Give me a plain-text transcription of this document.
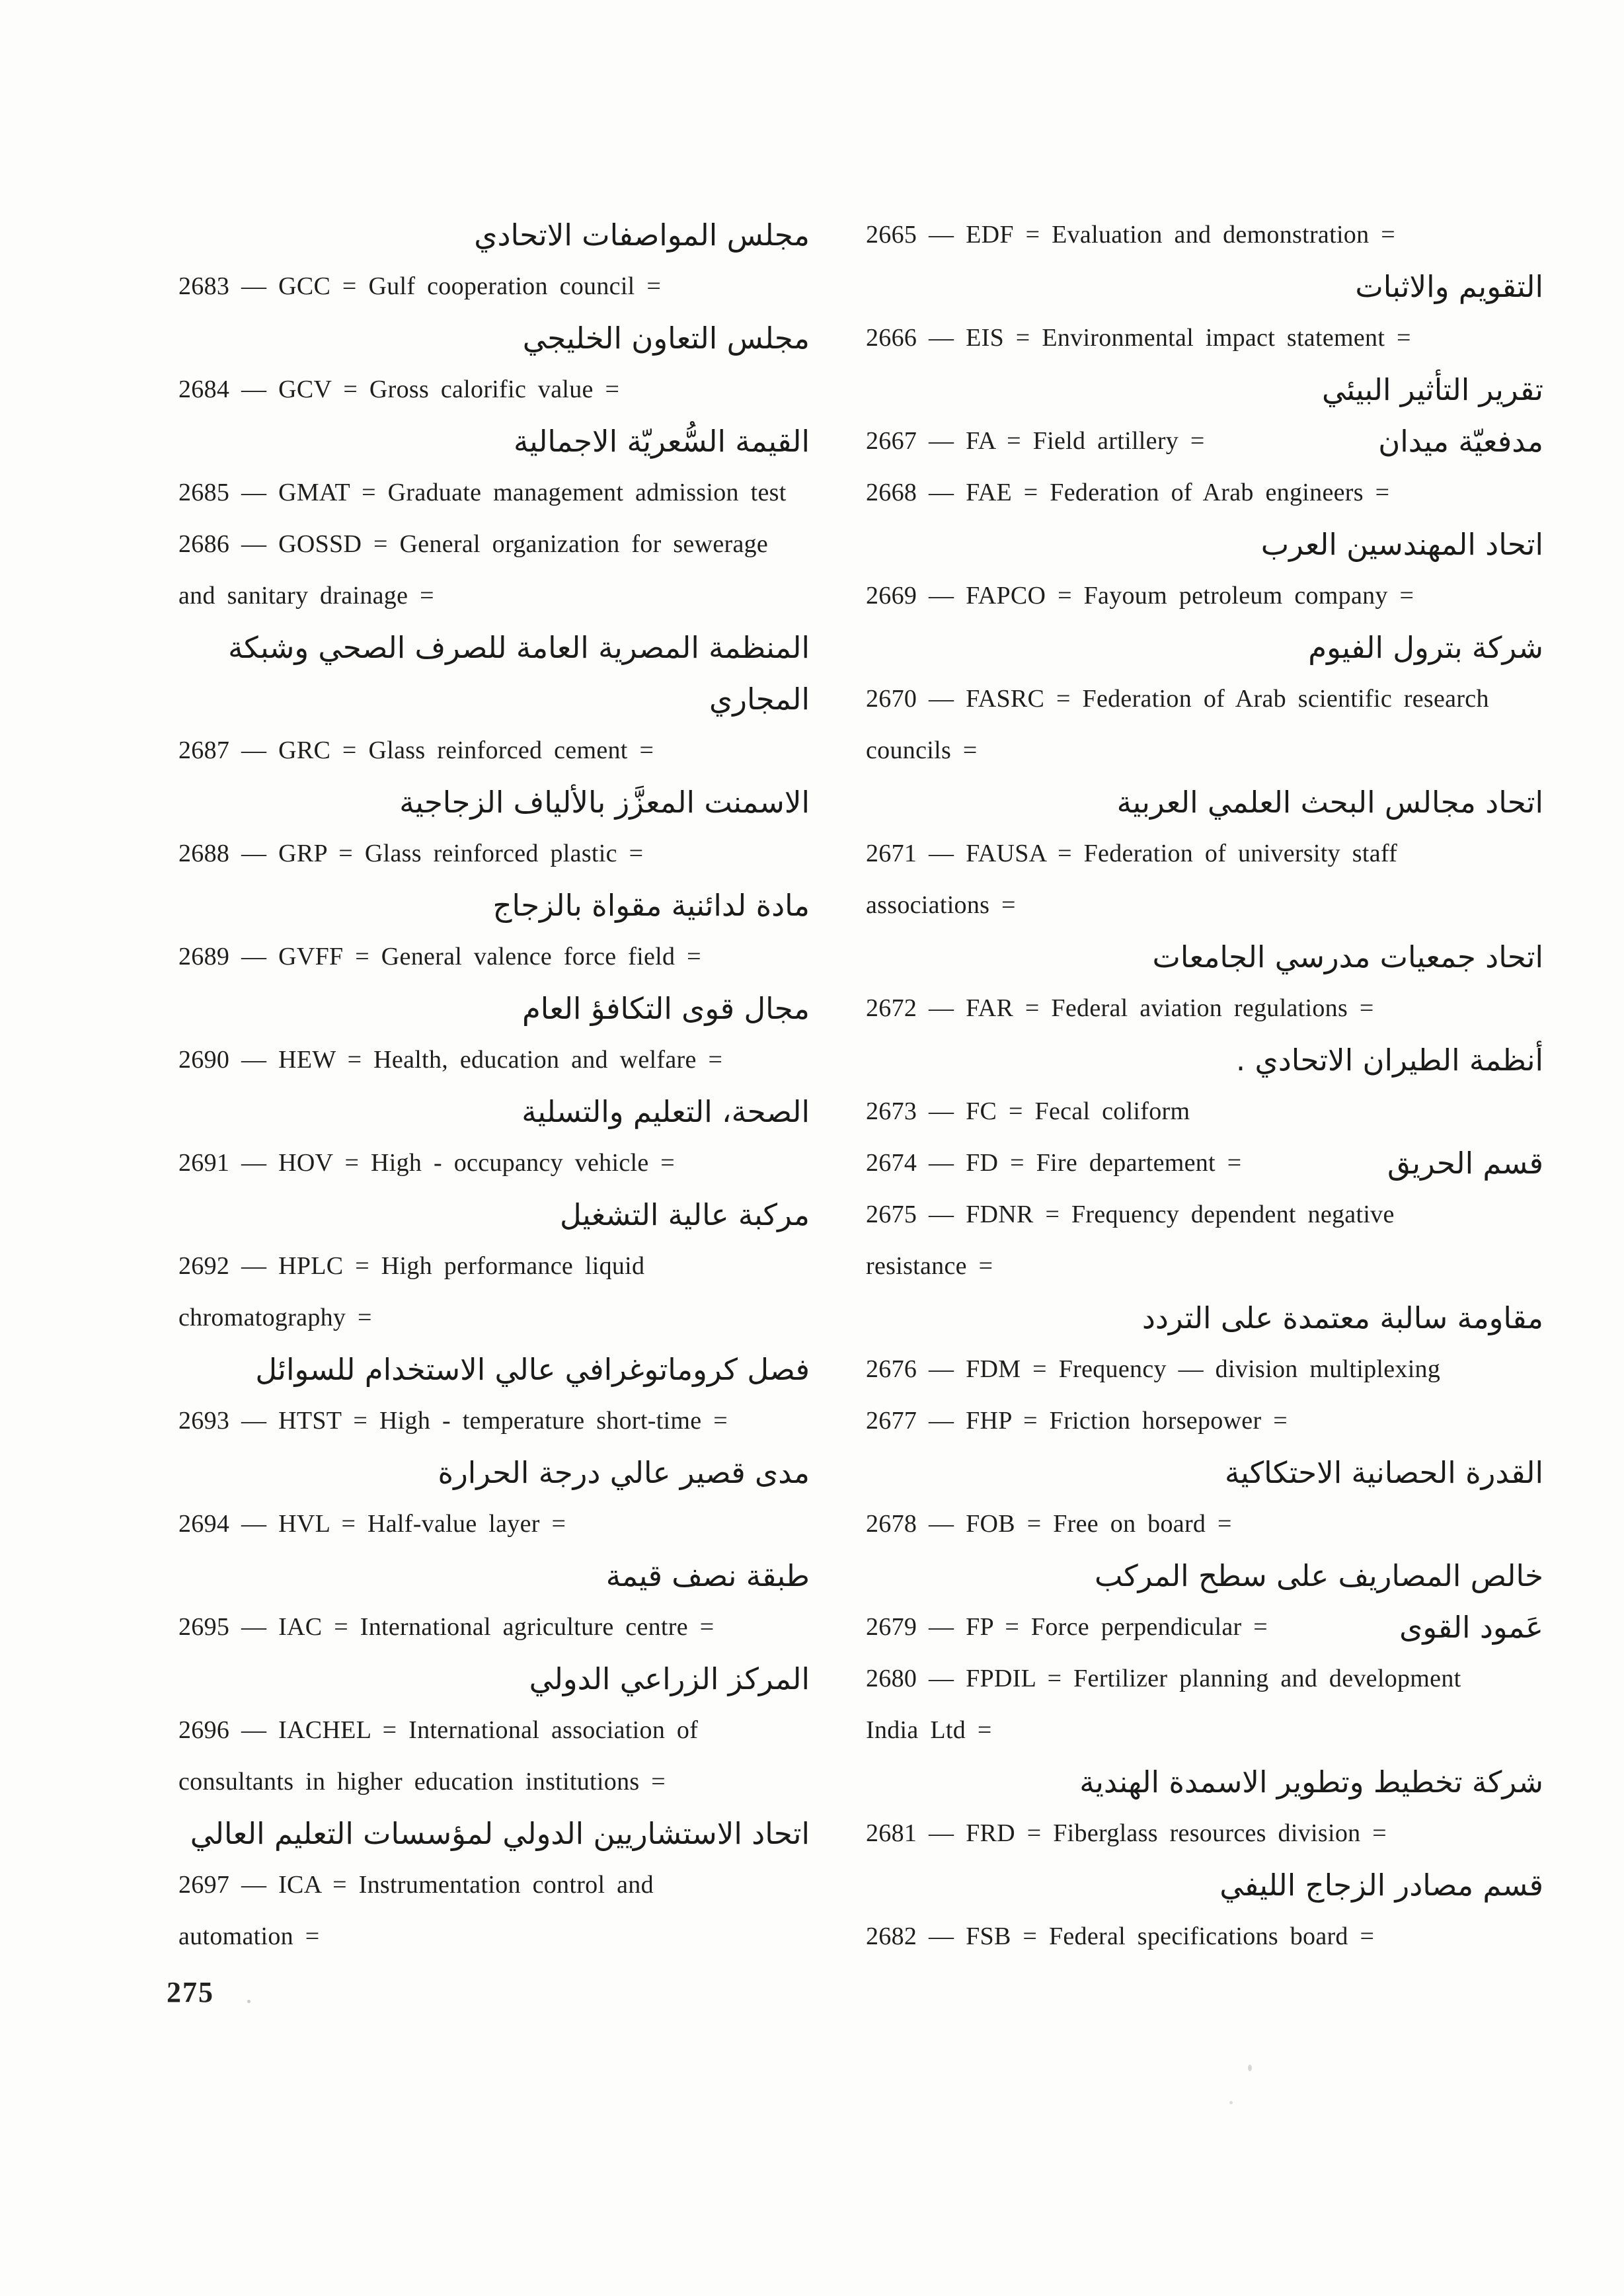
مجلس المواصفات الاتحادي
2683 — GCC = Gulf cooperation council =
مجلس التعاون الخليجي
2684 — GCV = Gross calorific value =
القيمة السُّعريّة الاجمالية
2685 — GMAT = Graduate management admission test
2686 — GOSSD = General organization for sewerage
and sanitary drainage =
المنظمة المصرية العامة للصرف الصحي وشبكة
المجاري
2687 — GRC = Glass reinforced cement =
الاسمنت المعزَّز بالألياف الزجاجية
2688 — GRP = Glass reinforced plastic =
مادة لدائنية مقواة بالزجاج
2689 — GVFF = General valence force field =
مجال قوى التكافؤ العام
2690 — HEW = Health, education and welfare =
الصحة، التعليم والتسلية
2691 — HOV = High - occupancy vehicle =
مركبة عالية التشغيل
2692 — HPLC = High performance liquid
chromatography =
فصل كروماتوغرافي عالي الاستخدام للسوائل
2693 — HTST = High - temperature short-time =
مدى قصير عالي درجة الحرارة
2694 — HVL = Half-value layer =
طبقة نصف قيمة
2695 — IAC = International agriculture centre =
المركز الزراعي الدولي
2696 — IACHEL = International association of
consultants in higher education institutions =
اتحاد الاستشاريين الدولي لمؤسسات التعليم العالي
2697 — ICA = Instrumentation control and
automation =
2665 — EDF = Evaluation and demonstration =
التقويم والاثبات
2666 — EIS = Environmental impact statement =
تقرير التأثير البيئي
2667 — FA = Field artillery =	مدفعيّة ميدان
2668 — FAE = Federation of Arab engineers =
اتحاد المهندسين العرب
2669 — FAPCO = Fayoum petroleum company =
شركة بترول الفيوم
2670 — FASRC = Federation of Arab scientific research
councils =
اتحاد مجالس البحث العلمي العربية
2671 — FAUSA = Federation of university staff
associations =
اتحاد جمعيات مدرسي الجامعات
2672 — FAR = Federal aviation regulations =
أنظمة الطيران الاتحادي .
2673 — FC = Fecal coliform
2674 — FD = Fire departement =	قسم الحريق
2675 — FDNR = Frequency dependent negative
resistance =
مقاومة سالبة معتمدة على التردد
2676 — FDM = Frequency — division multiplexing
2677 — FHP = Friction horsepower =
القدرة الحصانية الاحتكاكية
2678 — FOB = Free on board =
خالص المصاريف على سطح المركب
2679 — FP = Force perpendicular =	عَمود القوى
2680 — FPDIL = Fertilizer planning and development
India Ltd =
شركة تخطيط وتطوير الاسمدة الهندية
2681 — FRD = Fiberglass resources division =
قسم مصادر الزجاج الليفي
2682 — FSB = Federal specifications board =
275
